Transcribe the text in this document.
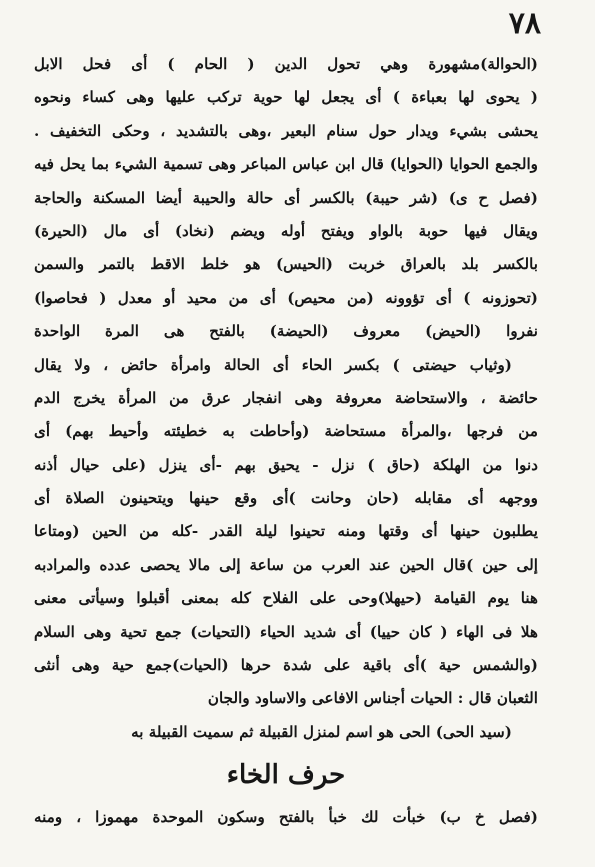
٧٨
(الحوالة)مشهورة وهي تحول الدين ( الحام ) أى فحل الابل
( يحوى لها بعباءة ) أى يجعل لها حوية تركب عليها وهى كساء ونحوه
يحشى بشيء ويدار حول سنام البعير ،وهى بالتشديد ، وحكى التخفيف .
والجمع الحوايا (الحوايا) قال ابن عباس المباعر وهى تسمية الشيء بما يحل فيه
(فصل ح ى) (شر حيبة) بالكسر أى حالة والحيبة أيضا المسكنة والحاجة
ويقال فيها حوبة بالواو ويفتح أوله ويضم (نخاد) أى مال (الحيرة)
بالكسر بلد بالعراق خربت (الحيس) هو خلط الاقط بالتمر والسمن
(تحوزونه ) أى تؤوونه (من محيص) أى من محيد أو معدل ( فحاصوا)
نفروا (الحيض) معروف (الحيضة) بالفتح هى المرة الواحدة
(وثياب حيضتى ) بكسر الحاء أى الحالة وامرأة حائض ، ولا يقال
حائضة ، والاستحاضة معروفة وهى انفجار عرق من المرأة يخرج الدم
من فرجها ،والمرأة مستحاضة (وأحاطت به خطيئته وأحيط بهم) أى
دنوا من الهلكة (حاق ) نزل - يحيق بهم -أى ينزل (على حيال أذنه
ووجهه أى مقابله (حان وحانت )أى وقع حينها ويتحينون الصلاة أى
يطلبون حينها أى وقتها ومنه تحينوا ليلة القدر -كله من الحين (ومتاعا
إلى حين )قال الحين عند العرب من ساعة إلى مالا يحصى عدده والمرادبه
هنا يوم القيامة (حيهلا)وحى على الفلاح كله بمعنى أقبلوا وسيأتى معنى
هلا فى الهاء ( كان حييا) أى شديد الحياء (التحيات) جمع تحية وهى السلام
(والشمس حية )أى باقية على شدة حرها (الحيات)جمع حية وهى أنثى
الثعبان قال : الحيات أجناس الافاعى والاساود والجان
(سيد الحى) الحى هو اسم لمنزل القبيلة ثم سميت القبيلة به
حرف الخاء
(فصل خ ب) خبأت لك خبأ بالفتح وسكون الموحدة مهموزا ، ومنه
